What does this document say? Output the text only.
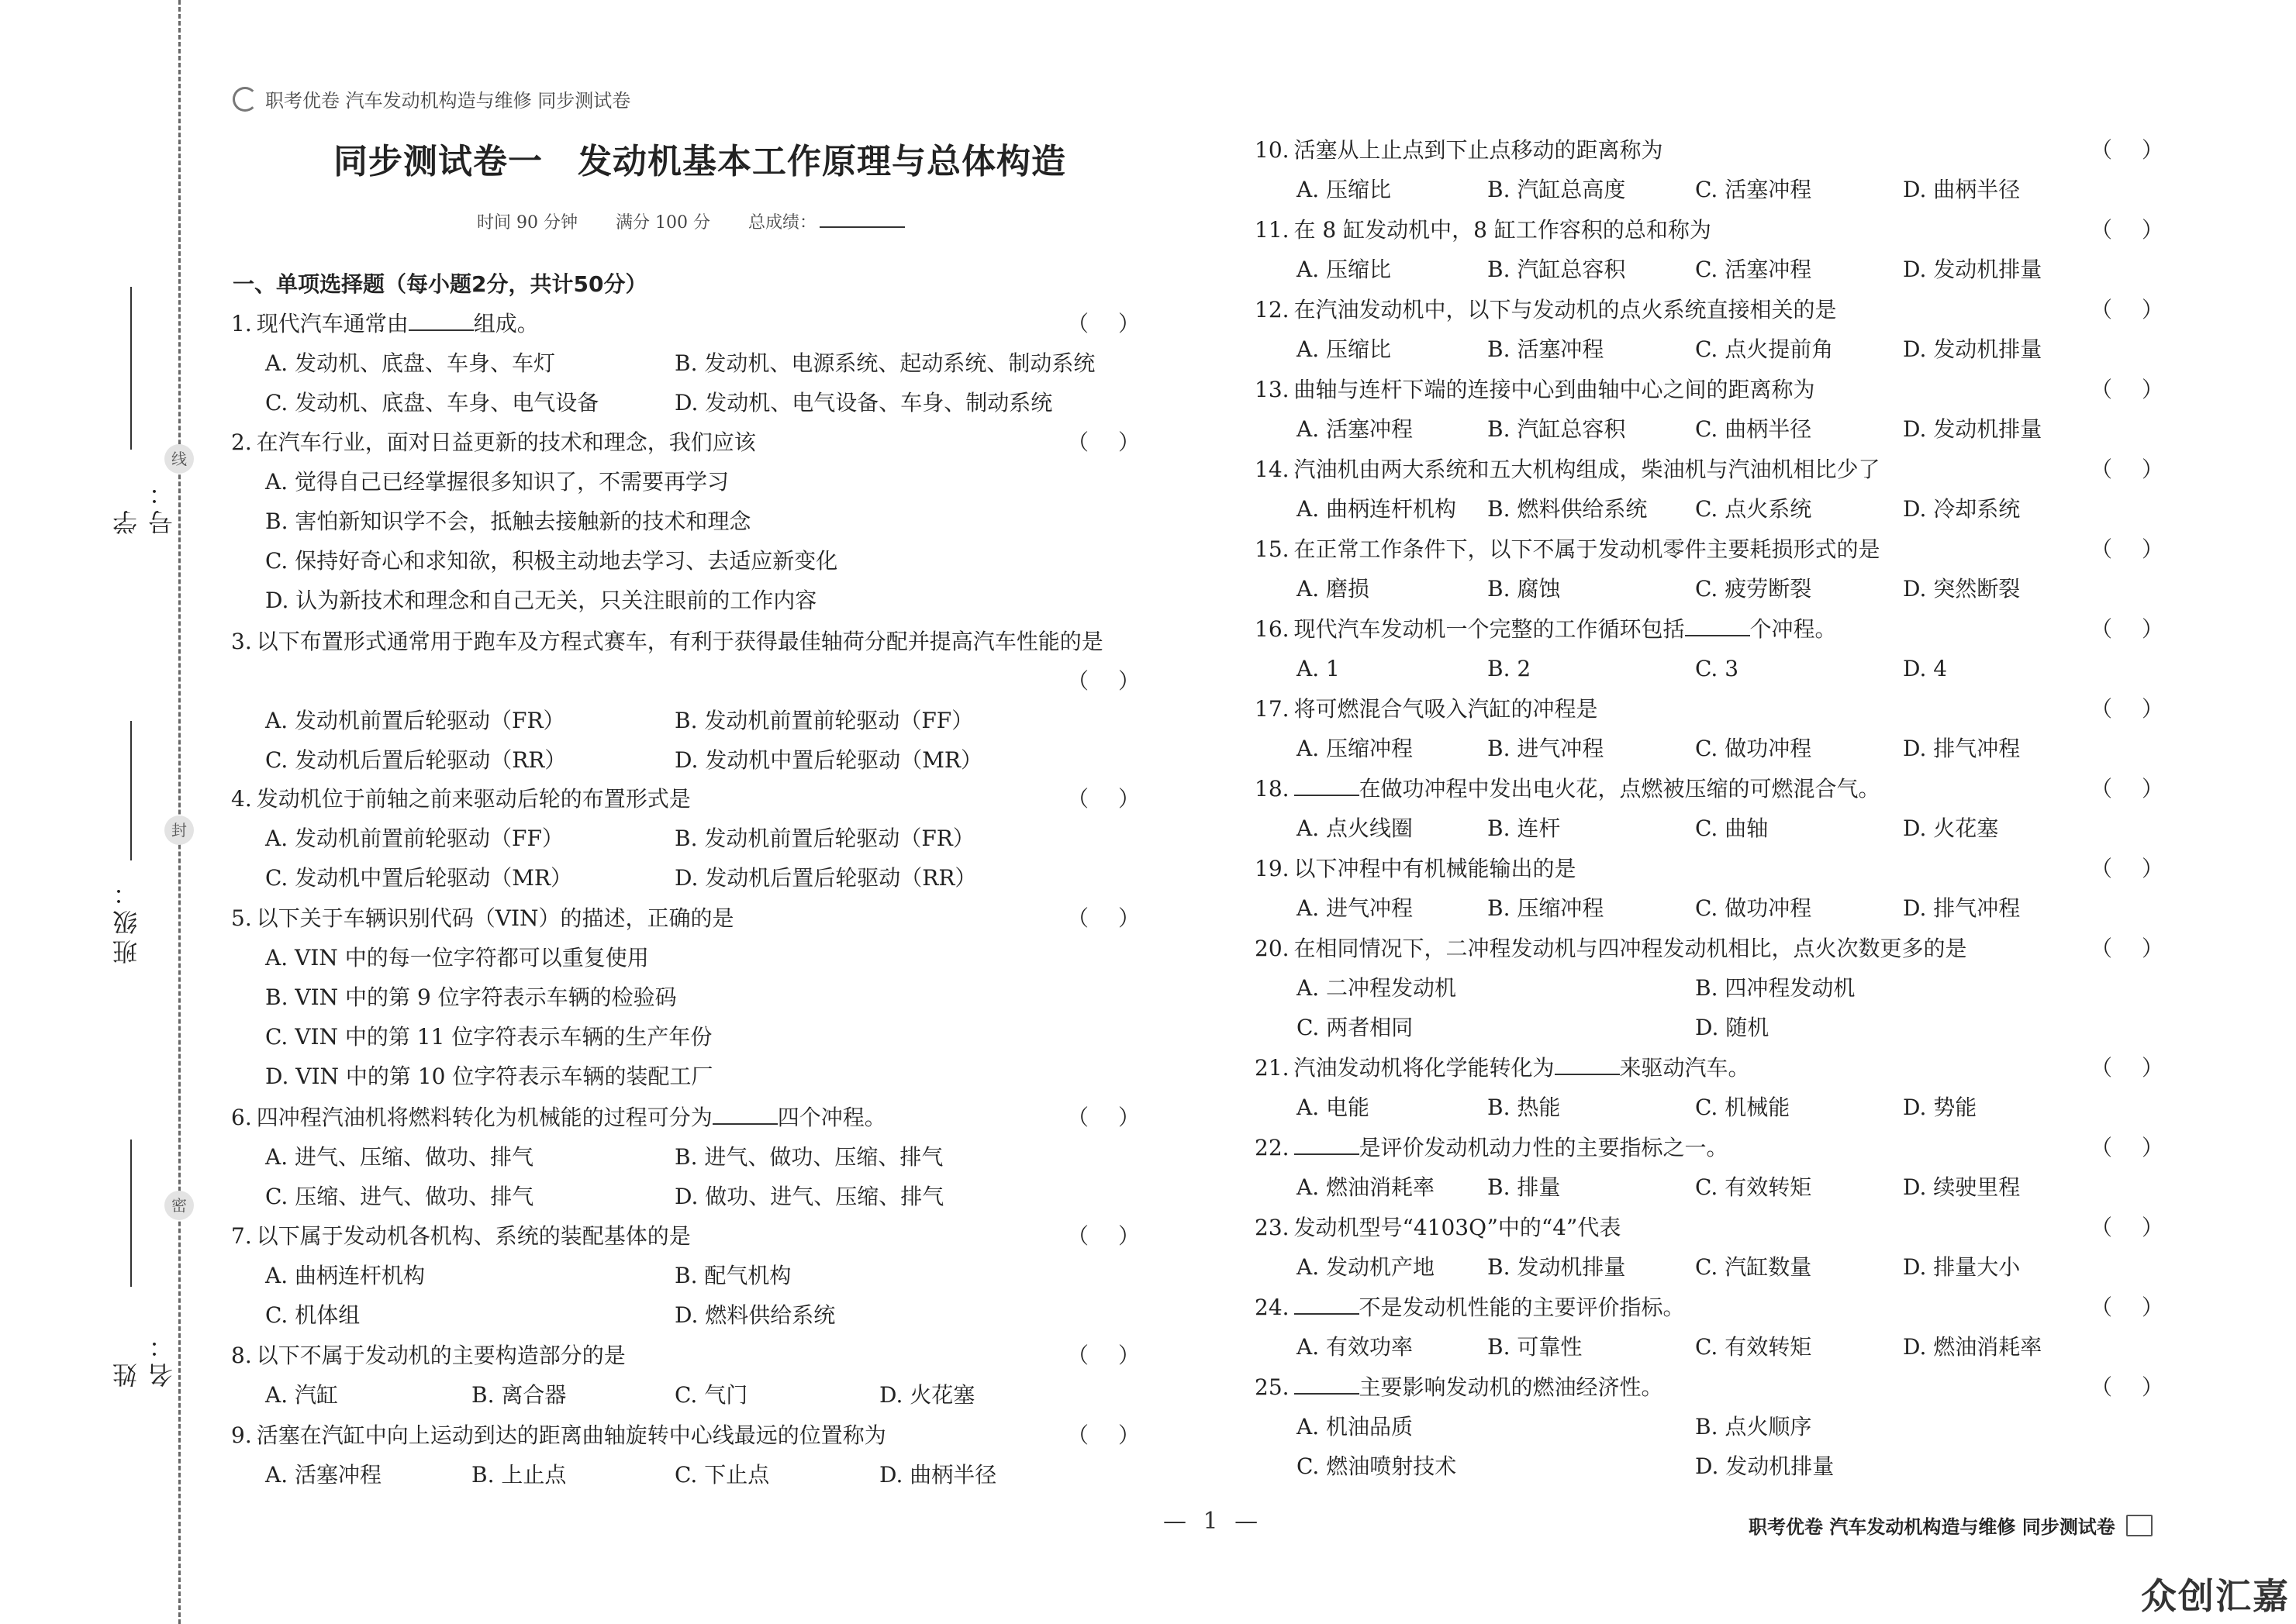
学号：
班级：
姓名：
线
封
密
职考优卷 汽车发动机构造与维修 同步测试卷
同步测试卷一　发动机基本工作原理与总体构造
时间 90 分钟 满分 100 分 总成绩：
一、单项选择题（每小题2分，共计50分）
1. 现代汽车通常由	组成。	（）
A. 发动机、底盘、车身、车灯	B. 发动机、电源系统、起动系统、制动系统
C. 发动机、底盘、车身、电气设备	D. 发动机、电气设备、车身、制动系统
2. 在汽车行业，面对日益更新的技术和理念，我们应该	（）
A. 觉得自己已经掌握很多知识了，不需要再学习
B. 害怕新知识学不会，抵触去接触新的技术和理念
C. 保持好奇心和求知欲，积极主动地去学习、去适应新变化
D. 认为新技术和理念和自己无关，只关注眼前的工作内容
3. 以下布置形式通常用于跑车及方程式赛车，有利于获得最佳轴荷分配并提高汽车性能的是
（）
A. 发动机前置后轮驱动（FR）	B. 发动机前置前轮驱动（FF）
C. 发动机后置后轮驱动（RR）	D. 发动机中置后轮驱动（MR）
4. 发动机位于前轴之前来驱动后轮的布置形式是	（）
A. 发动机前置前轮驱动（FF）	B. 发动机前置后轮驱动（FR）
C. 发动机中置后轮驱动（MR）	D. 发动机后置后轮驱动（RR）
5. 以下关于车辆识别代码（VIN）的描述，正确的是	（）
A. VIN 中的每一位字符都可以重复使用
B. VIN 中的第 9 位字符表示车辆的检验码
C. VIN 中的第 11 位字符表示车辆的生产年份
D. VIN 中的第 10 位字符表示车辆的装配工厂
6. 四冲程汽油机将燃料转化为机械能的过程可分为	四个冲程。	（）
A. 进气、压缩、做功、排气	B. 进气、做功、压缩、排气
C. 压缩、进气、做功、排气	D. 做功、进气、压缩、排气
7. 以下属于发动机各机构、系统的装配基体的是	（）
A. 曲柄连杆机构	B. 配气机构
C. 机体组	D. 燃料供给系统
8. 以下不属于发动机的主要构造部分的是	（）
A. 汽缸	B. 离合器	C. 气门	D. 火花塞
9. 活塞在汽缸中向上运动到达的距离曲轴旋转中心线最远的位置称为	（）
A. 活塞冲程	B. 上止点	C. 下止点	D. 曲柄半径
10. 活塞从上止点到下止点移动的距离称为	（）
A. 压缩比	B. 汽缸总高度	C. 活塞冲程	D. 曲柄半径
11. 在 8 缸发动机中，8 缸工作容积的总和称为	（）
A. 压缩比	B. 汽缸总容积	C. 活塞冲程	D. 发动机排量
12. 在汽油发动机中，以下与发动机的点火系统直接相关的是	（）
A. 压缩比	B. 活塞冲程	C. 点火提前角	D. 发动机排量
13. 曲轴与连杆下端的连接中心到曲轴中心之间的距离称为	（）
A. 活塞冲程	B. 汽缸总容积	C. 曲柄半径	D. 发动机排量
14. 汽油机由两大系统和五大机构组成，柴油机与汽油机相比少了	（）
A. 曲柄连杆机构 B. 燃料供给系统 C. 点火系统	D. 冷却系统
15. 在正常工作条件下，以下不属于发动机零件主要耗损形式的是	（）
A. 磨损	B. 腐蚀	C. 疲劳断裂	D. 突然断裂
16. 现代汽车发动机一个完整的工作循环包括	个冲程。	（）
A. 1	B. 2	C. 3	D. 4
17. 将可燃混合气吸入汽缸的冲程是	（）
A. 压缩冲程	B. 进气冲程	C. 做功冲程	D. 排气冲程
18.	在做功冲程中发出电火花，点燃被压缩的可燃混合气。	（）
A. 点火线圈	B. 连杆	C. 曲轴	D. 火花塞
19. 以下冲程中有机械能输出的是	（）
A. 进气冲程	B. 压缩冲程	C. 做功冲程	D. 排气冲程
20. 在相同情况下，二冲程发动机与四冲程发动机相比，点火次数更多的是	（）
A. 二冲程发动机	B. 四冲程发动机
C. 两者相同	D. 随机
21. 汽油发动机将化学能转化为	来驱动汽车。	（）
A. 电能	B. 热能	C. 机械能	D. 势能
22.	是评价发动机动力性的主要指标之一。	（）
A. 燃油消耗率 B. 排量	C. 有效转矩	D. 续驶里程
23. 发动机型号“4103Q”中的“4”代表	（）
A. 发动机产地 B. 发动机排量	C. 汽缸数量	D. 排量大小
24.	不是发动机性能的主要评价指标。	（）
A. 有效功率	B. 可靠性	C. 有效转矩	D. 燃油消耗率
25.	主要影响发动机的燃油经济性。	（）
A. 机油品质	B. 点火顺序
C. 燃油喷射技术	D. 发动机排量
— 1 —	职考优卷 汽车发动机构造与维修 同步测试卷
众创汇嘉
